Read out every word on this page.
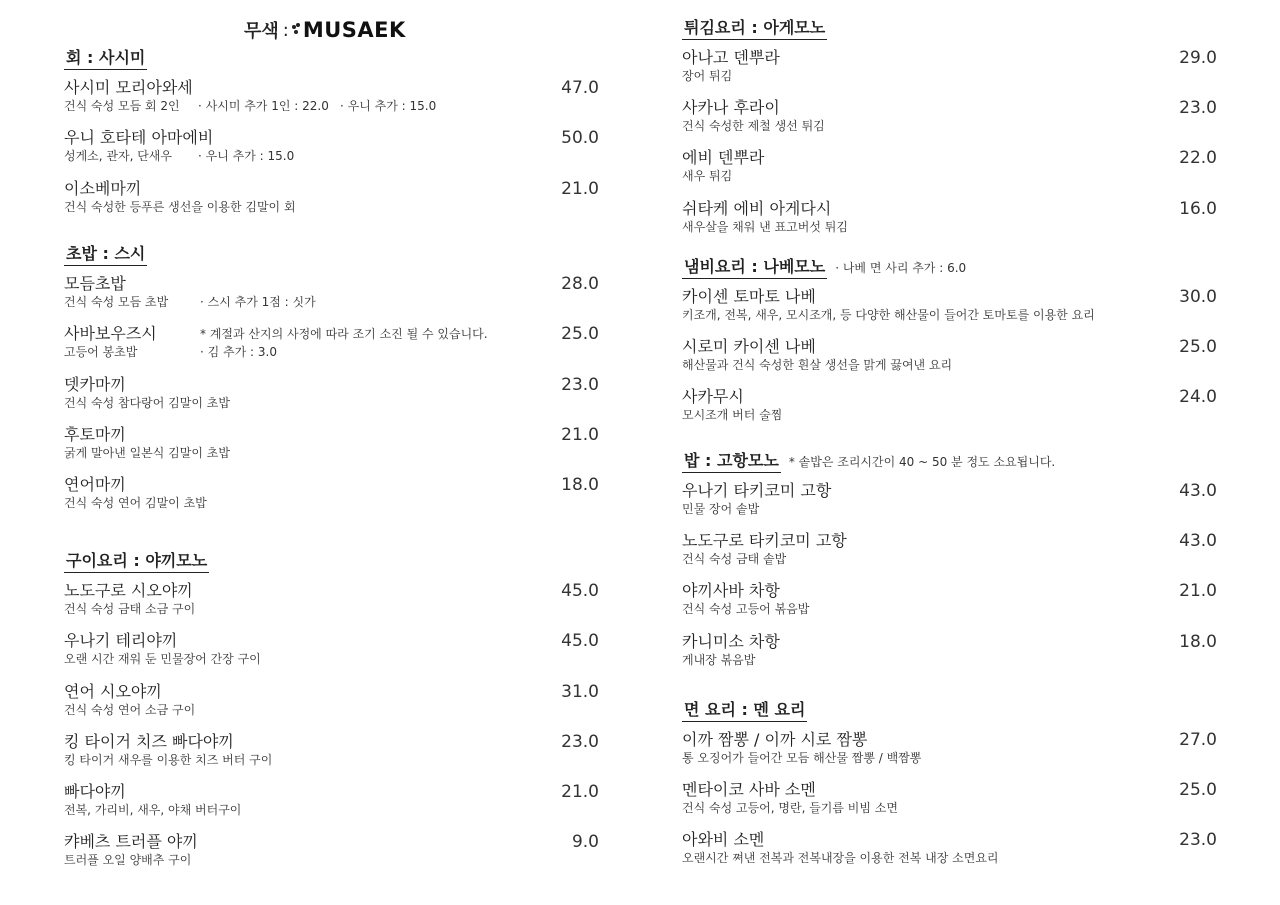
무색 : MUSAEK
회 : 사시미
사시미 모리아와세
건식 숙성 모듬 회 2인
47.0
· 사시미 추가 1인 : 22.0 · 우니 추가 : 15.0
우니 호타테 아마에비
성게소, 관자, 단새우
50.0
· 우니 추가 : 15.0
이소베마끼
건식 숙성한 등푸른 생선을 이용한 김말이 회
21.0
초밥 : 스시
모듬초밥
건식 숙성 모듬 초밥
28.0
· 스시 추가 1점 : 싯가
사바보우즈시
고등어 봉초밥
25.0
· 김 추가 : 3.0
* 계절과 산지의 사정에 따라 조기 소진 될 수 있습니다.
뎃카마끼
건식 숙성 참다랑어 김말이 초밥
23.0
후토마끼
굵게 말아낸 일본식 김말이 초밥
21.0
연어마끼
건식 숙성 연어 김말이 초밥
18.0
구이요리 : 야끼모노
노도구로 시오야끼
건식 숙성 금태 소금 구이
45.0
우나기 테리야끼
오랜 시간 재워 둔 민물장어 간장 구이
45.0
연어 시오야끼
건식 숙성 연어 소금 구이
31.0
킹 타이거 치즈 빠다야끼
킹 타이거 새우를 이용한 치즈 버터 구이
23.0
빠다야끼
전복, 가리비, 새우, 야채 버터구이
21.0
캬베츠 트러플 야끼
트러플 오일 양배추 구이
9.0
튀김요리 : 아게모노
아나고 덴뿌라
장어 튀김
29.0
사카나 후라이
건식 숙성한 제철 생선 튀김
23.0
에비 덴뿌라
새우 튀김
22.0
쉬타케 에비 아게다시
새우살을 채워 낸 표고버섯 튀김
16.0
냄비요리 : 나베모노 · 나베 면 사리 추가 : 6.0
카이센 토마토 나베
키조개, 전복, 새우, 모시조개, 등 다양한 해산물이 들어간 토마토를 이용한 요리
30.0
시로미 카이센 나베
해산물과 건식 숙성한 흰살 생선을 맑게 끓여낸 요리
25.0
사카무시
모시조개 버터 술찜
24.0
밥 : 고항모노 * 솥밥은 조리시간이 40 ~ 50 분 정도 소요됩니다.
우나기 타키코미 고항
민물 장어 솥밥
43.0
노도구로 타키코미 고항
건식 숙성 금태 솥밥
43.0
야끼사바 차항
건식 숙성 고등어 볶음밥
21.0
카니미소 차항
게내장 볶음밥
18.0
면 요리 : 멘 요리
이까 짬뽕 / 이까 시로 짬뽕
통 오징어가 들어간 모듬 해산물 짬뽕 / 백짬뽕
27.0
멘타이코 사바 소멘
건식 숙성 고등어, 명란, 들기름 비빔 소면
25.0
아와비 소멘
오랜시간 쪄낸 전복과 전복내장을 이용한 전복 내장 소면요리
23.0
